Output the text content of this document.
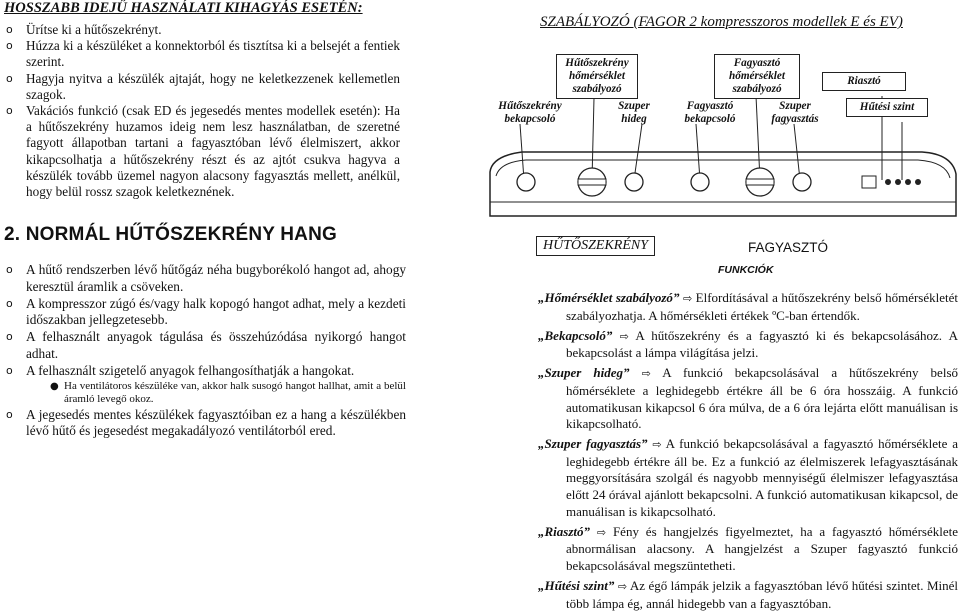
HOSSZABB IDEJŰ HASZNÁLATI KIHAGYÁS ESETÉN:
o Ürítse ki a hűtőszekrényt.
o Húzza ki a készüléket a konnektorból és tisztítsa ki a belsejét a fentiek szerint.
o Hagyja nyitva a készülék ajtaját, hogy ne keletkezzenek kellemetlen szagok.
o Vakációs funkció (csak ED és jegesedés mentes modellek esetén): Ha a hűtőszekrény huzamos ideig nem lesz használatban, de szeretné fagyott állapotban tartani a fagyasztóban lévő élelmiszert, akkor kikapcsolhatja a hűtőszekrény részt és az ajtót csukva hagyva a készülék tovább üzemel nagyon alacsony fagyasztás mellett, anélkül, hogy belül rossz szagok keletkeznének.
2. NORMÁL HŰTŐSZEKRÉNY HANG
o A hűtő rendszerben lévő hűtőgáz néha bugyborékoló hangot ad, ahogy keresztül áramlik a csöveken.
o A kompresszor zúgó és/vagy halk kopogó hangot adhat, mely a kezdeti időszakban jellegzetesebb.
o A felhasznált anyagok tágulása és összehúzódása nyikorgó hangot adhat.
o A felhasznált szigetelő anyagok felhangosíthatják a hangokat.
● Ha ventilátoros készüléke van, akkor halk susogó hangot hallhat, amit a belül áramló levegő okoz.
o A jegesedés mentes készülékek fagyasztóiban ez a hang a készülékben lévő hűtő és jegesedést megakadályozó ventilátorból ered.
SZABÁLYOZÓ (FAGOR 2 kompresszoros modellek E és EV)
Hűtőszekrény bekapcsoló
Hűtőszekrény hőmérséklet szabályozó
Szuper hideg
Fagyasztó bekapcsoló
Fagyasztó hőmérséklet szabályozó
Szuper fagyasztás
Riasztó
Hűtési szint
HŰTŐSZEKRÉNY	FAGYASZTÓ
FUNKCIÓK

„Hőmérséklet szabályozó” ⇨ Elfordításával a hűtőszekrény belső hőmérsékletét szabályozhatja. A hőmérsékleti értékek ºC-ban értendők.

„Bekapcsoló” ⇨ A hűtőszekrény és a fagyasztó ki és bekapcsolásához. A bekapcsolást a lámpa világítása jelzi.

„Szuper hideg” ⇨ A funkció bekapcsolásával a hűtőszekrény belső hőmérséklete a leghidegebb értékre áll be 6 óra hosszáig. A funkció automatikusan kikapcsol 6 óra múlva, de a 6 óra lejárta előtt manuálisan is kikapcsolható.

„Szuper fagyasztás” ⇨ A funkció bekapcsolásával a fagyasztó hőmérséklete a leghidegebb értékre áll be. Ez a funkció az élelmiszerek lefagyasztásának meggyorsítására szolgál és nagyobb mennyiségű élelmiszer lefagyasztása előtt 24 órával ajánlott bekapcsolni. A funkció automatikusan kikapcsol, de manuálisan is kikapcsolható.

„Riasztó” ⇨ Fény és hangjelzés figyelmeztet, ha a fagyasztó hőmérséklete abnormálisan alacsony. A hangjelzést a Szuper fagyasztó funkció bekapcsolásával megszüntetheti.

„Hűtési szint” ⇨ Az égő lámpák jelzik a fagyasztóban lévő hűtési szintet. Minél több lámpa ég, annál hidegebb van a fagyasztóban.
